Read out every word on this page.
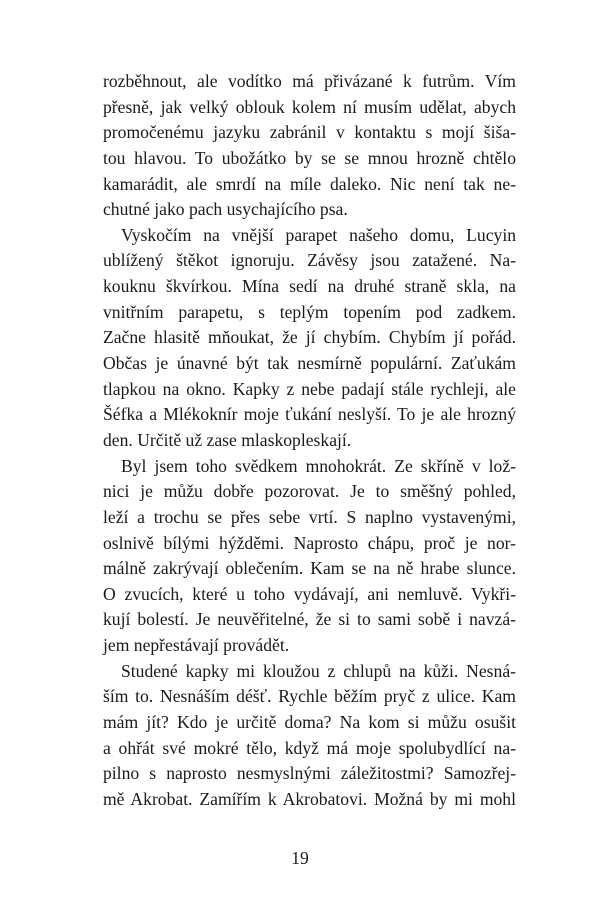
rozběhnout, ale vodítko má přivázané k futrům. Vím
přesně, jak velký oblouk kolem ní musím udělat, abych
promočenému jazyku zabránil v kontaktu s mojí šiša-
tou hlavou. To ubožátko by se se mnou hrozně chtělo
kamarádit, ale smrdí na míle daleko. Nic není tak ne-
chutné jako pach usychajícího psa.
Vyskočím na vnější parapet našeho domu, Lucyin
ublížený štěkot ignoruju. Závěsy jsou zatažené. Na-
kouknu škvírkou. Mína sedí na druhé straně skla, na
vnitřním parapetu, s teplým topením pod zadkem.
Začne hlasitě mňoukat, že jí chybím. Chybím jí pořád.
Občas je únavné být tak nesmírně populární. Zaťukám
tlapkou na okno. Kapky z nebe padají stále rychleji, ale
Šéfka a Mlékoknír moje ťukání neslyší. To je ale hrozný
den. Určitě už zase mlaskopleskají.
Byl jsem toho svědkem mnohokrát. Ze skříně v lož-
nici je můžu dobře pozorovat. Je to směšný pohled,
leží a trochu se přes sebe vrtí. S naplno vystavenými,
oslnivě bílými hýžděmi. Naprosto chápu, proč je nor-
málně zakrývají oblečením. Kam se na ně hrabe slunce.
O zvucích, které u toho vydávají, ani nemluvě. Vykři-
kují bolestí. Je neuvěřitelné, že si to sami sobě i navzá-
jem nepřestávají provádět.
Studené kapky mi kloužou z chlupů na kůži. Nesná-
ším to. Nesnáším déšť. Rychle běžím pryč z ulice. Kam
mám jít? Kdo je určitě doma? Na kom si můžu osušit
a ohřát své mokré tělo, když má moje spolubydlící na-
pilno s naprosto nesmyslnými záležitostmi? Samozřej-
mě Akrobat. Zamířím k Akrobatovi. Možná by mi mohl
19
